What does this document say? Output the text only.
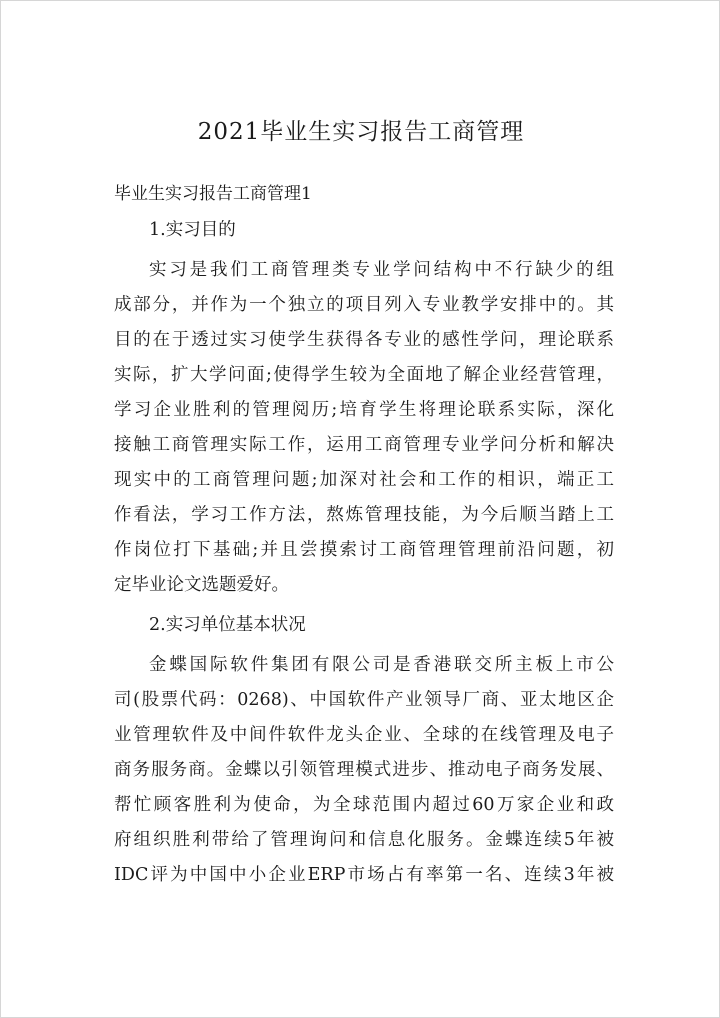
2021毕业生实习报告工商管理

毕业生实习报告工商管理1

1.实习目的

实习是我们工商管理类专业学问结构中不行缺少的组

成部分，并作为一个独立的项目列入专业教学安排中的。其

目的在于透过实习使学生获得各专业的感性学问，理论联系

实际，扩大学问面;使得学生较为全面地了解企业经营管理，

学习企业胜利的管理阅历;培育学生将理论联系实际，深化

接触工商管理实际工作，运用工商管理专业学问分析和解决

现实中的工商管理问题;加深对社会和工作的相识，端正工

作看法，学习工作方法，熬炼管理技能，为今后顺当踏上工

作岗位打下基础;并且尝摸索讨工商管理管理前沿问题，初

定毕业论文选题爱好。

2.实习单位基本状况

金蝶国际软件集团有限公司是香港联交所主板上市公

司(股票代码：0268)、中国软件产业领导厂商、亚太地区企

业管理软件及中间件软件龙头企业、全球的在线管理及电子

商务服务商。金蝶以引领管理模式进步、推动电子商务发展、

帮忙顾客胜利为使命，为全球范围内超过60万家企业和政

府组织胜利带给了管理询问和信息化服务。金蝶连续5年被

IDC评为中国中小企业ERP市场占有率第一名、连续3年被
